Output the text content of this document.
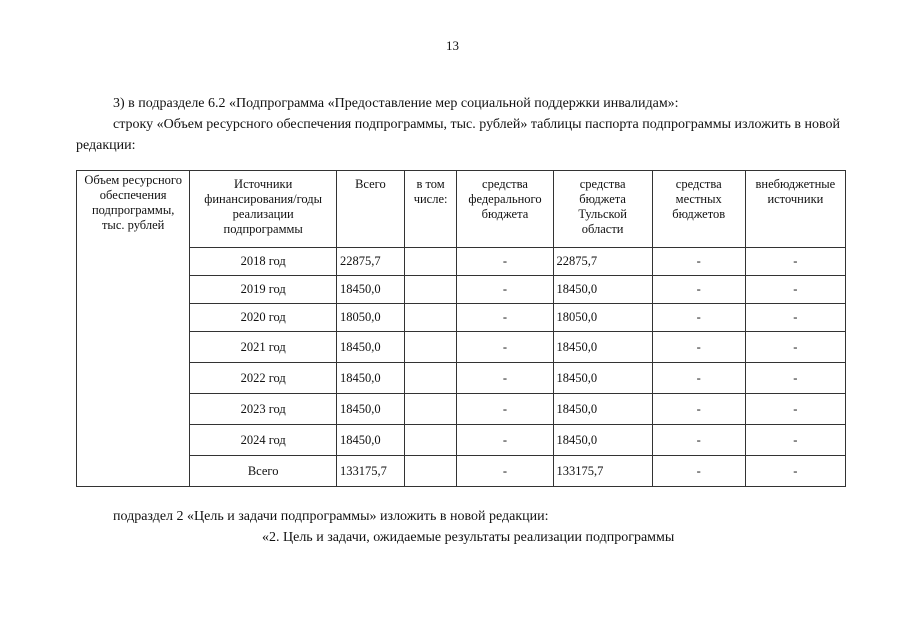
13
3) в подразделе 6.2 «Подпрограмма «Предоставление мер социальной поддержки инвалидам»:
строку «Объем ресурсного обеспечения подпрограммы, тыс. рублей» таблицы паспорта подпрограммы изложить в новой редакции:
Объем ресурсного обеспечения подпрограммы, тыс. рублей	Источники финансирования/годы реализации подпрограммы	Всего	в том числе:	средства федерального бюджета	средства бюджета Тульской области	средства местных бюджетов	внебюджетные источники
	2018 год	22875,7		-	22875,7	-	-
	2019 год	18450,0		-	18450,0	-	-
	2020 год	18050,0		-	18050,0	-	-
	2021 год	18450,0		-	18450,0	-	-
	2022 год	18450,0		-	18450,0	-	-
	2023 год	18450,0		-	18450,0	-	-
	2024 год	18450,0		-	18450,0	-	-
	Всего	133175,7		-	133175,7	-	-
подраздел 2 «Цель и задачи подпрограммы» изложить в новой редакции:
«2. Цель и задачи, ожидаемые результаты реализации подпрограммы
